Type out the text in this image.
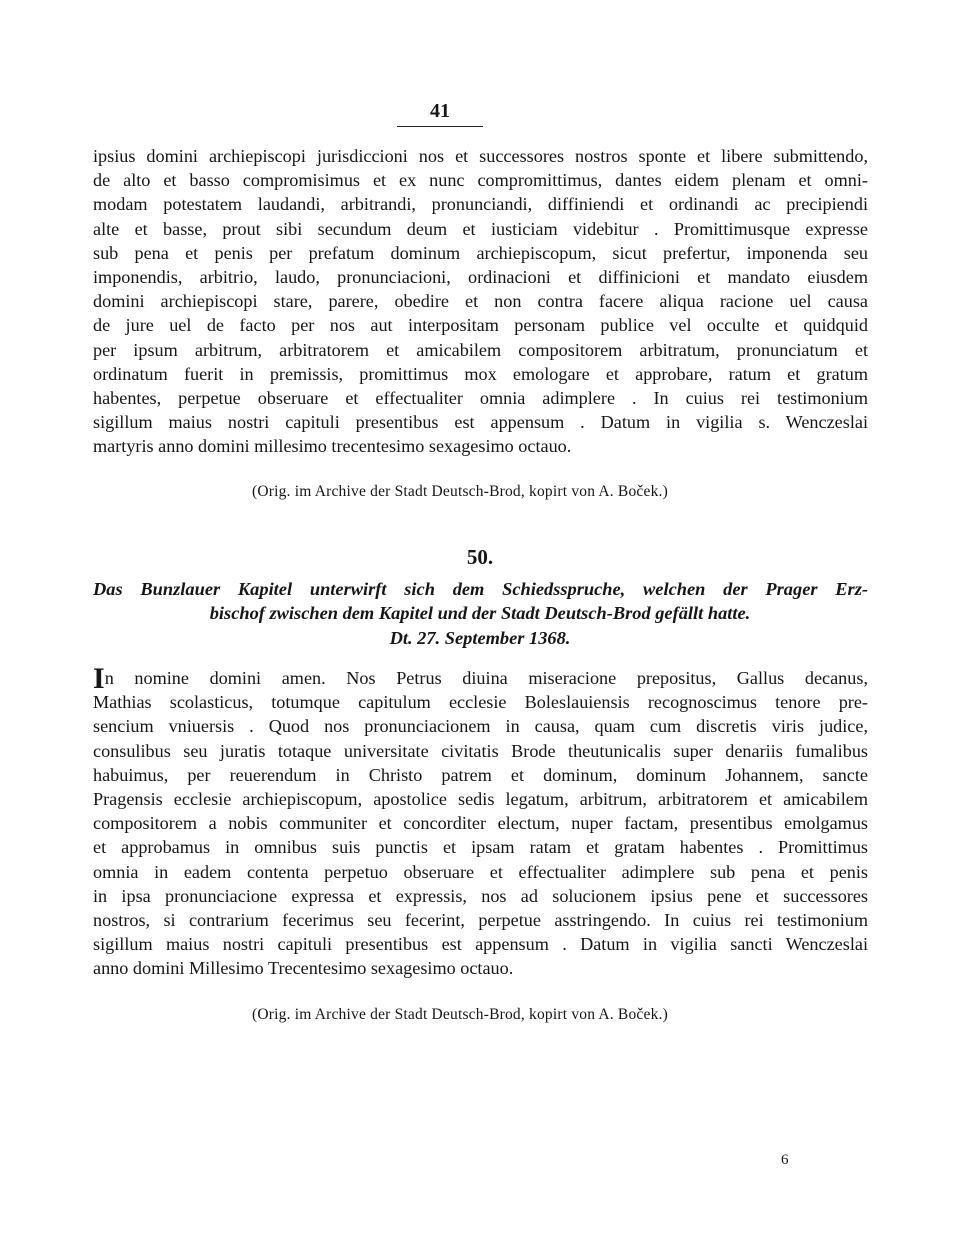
41
ipsius domini archiepiscopi jurisdiccioni nos et successores nostros sponte et libere submittendo,
de alto et basso compromisimus et ex nunc compromittimus, dantes eidem plenam et omni-
modam potestatem laudandi, arbitrandi, pronunciandi, diffiniendi et ordinandi ac precipiendi
alte et basse, prout sibi secundum deum et iusticiam videbitur . Promittimusque expresse
sub pena et penis per prefatum dominum archiepiscopum, sicut prefertur, imponenda seu
imponendis, arbitrio, laudo, pronunciacioni, ordinacioni et diffinicioni et mandato eiusdem
domini archiepiscopi stare, parere, obedire et non contra facere aliqua racione uel causa
de jure uel de facto per nos aut interpositam personam publice vel occulte et quidquid
per ipsum arbitrum, arbitratorem et amicabilem compositorem arbitratum, pronunciatum et
ordinatum fuerit in premissis, promittimus mox emologare et approbare, ratum et gratum
habentes, perpetue obseruare et effectualiter omnia adimplere . In cuius rei testimonium
sigillum maius nostri capituli presentibus est appensum . Datum in vigilia s. Wenczeslai
martyris anno domini millesimo trecentesimo sexagesimo octauo.
(Orig. im Archive der Stadt Deutsch-Brod, kopirt von A. Boček.)
50.
Das Bunzlauer Kapitel unterwirft sich dem Schiedsspruche, welchen der Prager Erz-
bischof zwischen dem Kapitel und der Stadt Deutsch-Brod gefällt hatte.
Dt. 27. September 1368.
In nomine domini amen. Nos Petrus diuina miseracione prepositus, Gallus decanus,
Mathias scolasticus, totumque capitulum ecclesie Boleslauiensis recognoscimus tenore pre-
sencium vniuersis . Quod nos pronunciacionem in causa, quam cum discretis viris judice,
consulibus seu juratis totaque universitate civitatis Brode theutunicalis super denariis fumalibus
habuimus, per reuerendum in Christo patrem et dominum, dominum Johannem, sancte
Pragensis ecclesie archiepiscopum, apostolice sedis legatum, arbitrum, arbitratorem et amicabilem
compositorem a nobis communiter et concorditer electum, nuper factam, presentibus emolgamus
et approbamus in omnibus suis punctis et ipsam ratam et gratam habentes . Promittimus
omnia in eadem contenta perpetuo obseruare et effectualiter adimplere sub pena et penis
in ipsa pronunciacione expressa et expressis, nos ad solucionem ipsius pene et successores
nostros, si contrarium fecerimus seu fecerint, perpetue asstringendo. In cuius rei testimonium
sigillum maius nostri capituli presentibus est appensum . Datum in vigilia sancti Wenczeslai
anno domini Millesimo Trecentesimo sexagesimo octauo.
(Orig. im Archive der Stadt Deutsch-Brod, kopirt von A. Boček.)
6
